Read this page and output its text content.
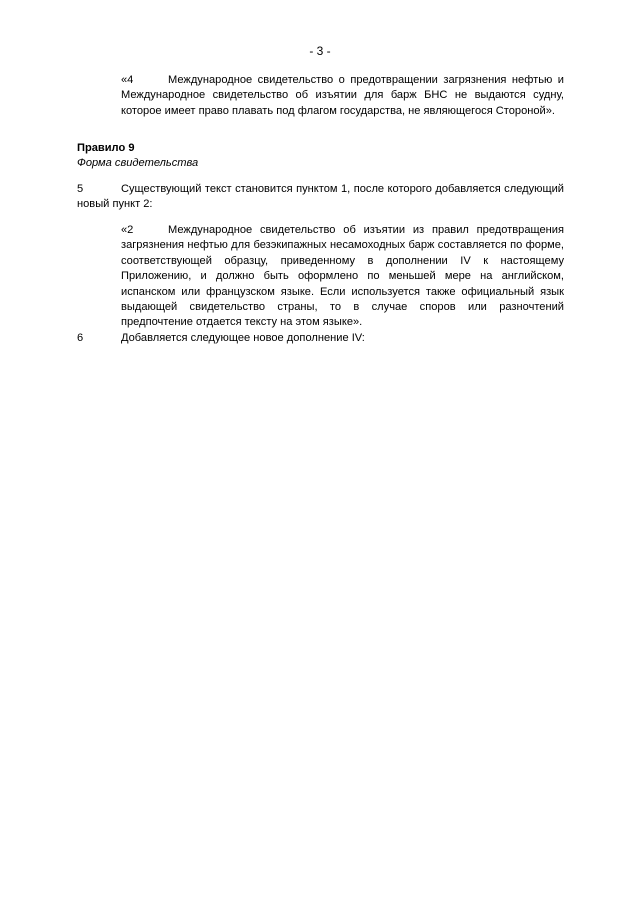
- 3 -

«4	Международное свидетельство о предотвращении загрязнения нефтью и Международное свидетельство об изъятии для барж БНС не выдаются судну, которое имеет право плавать под флагом государства, не являющегося Стороной».

Правило 9
Форма свидетельства

5	Существующий текст становится пунктом 1, после которого добавляется следующий новый пункт 2:

«2	Международное свидетельство об изъятии из правил предотвращения загрязнения нефтью для безэкипажных несамоходных барж составляется по форме, соответствующей образцу, приведенному в дополнении IV к настоящему Приложению, и должно быть оформлено по меньшей мере на английском, испанском или французском языке. Если используется также официальный язык выдающей свидетельство страны, то в случае споров или разночтений предпочтение отдается тексту на этом языке».

6	Добавляется следующее новое дополнение IV:
